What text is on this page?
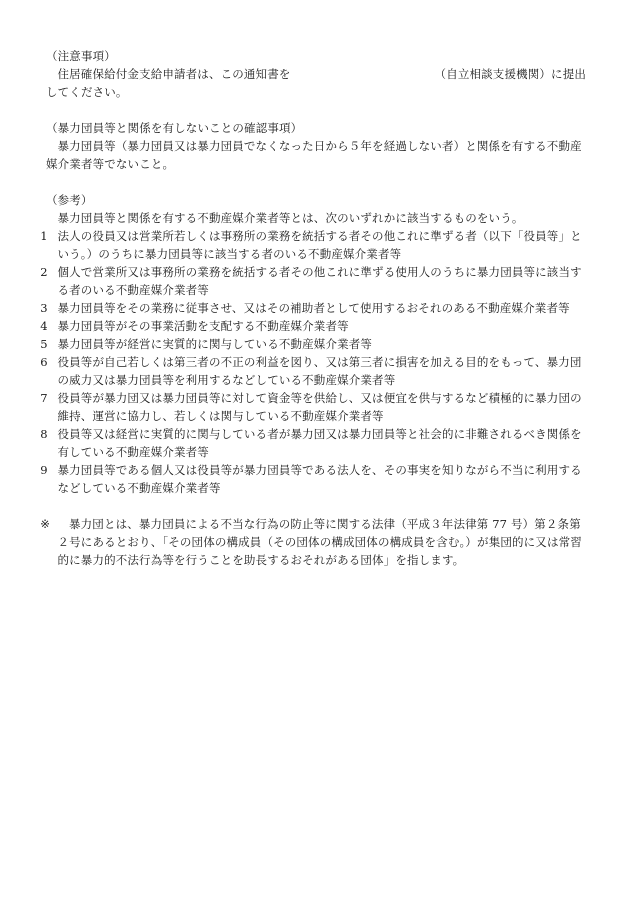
（注意事項）

住居確保給付金支給申請者は、この通知書を	（自立相談支援機関）に提出

してください。

（暴力団員等と関係を有しないことの確認事項）

暴力団員等（暴力団員又は暴力団員でなくなった日から５年を経過しない者）と関係を有する不動産媒介業者等でないこと。

（参考）

暴力団員等と関係を有する不動産媒介業者等とは、次のいずれかに該当するものをいう。

1 法人の役員又は営業所若しくは事務所の業務を統括する者その他これに準ずる者（以下「役員等」という。）のうちに暴力団員等に該当する者のいる不動産媒介業者等
2 個人で営業所又は事務所の業務を統括する者その他これに準ずる使用人のうちに暴力団員等に該当する者のいる不動産媒介業者等
3 暴力団員等をその業務に従事させ、又はその補助者として使用するおそれのある不動産媒介業者等
4 暴力団員等がその事業活動を支配する不動産媒介業者等
5 暴力団員等が経営に実質的に関与している不動産媒介業者等
6 役員等が自己若しくは第三者の不正の利益を図り、又は第三者に損害を加える目的をもって、暴力団の威力又は暴力団員等を利用するなどしている不動産媒介業者等
7 役員等が暴力団又は暴力団員等に対して資金等を供給し、又は便宜を供与するなど積極的に暴力団の維持、運営に協力し、若しくは関与している不動産媒介業者等
8 役員等又は経営に実質的に関与している者が暴力団又は暴力団員等と社会的に非難されるべき関係を有している不動産媒介業者等
9 暴力団員等である個人又は役員等が暴力団員等である法人を、その事実を知りながら不当に利用するなどしている不動産媒介業者等
※	暴力団とは、暴力団員による不当な行為の防止等に関する法律（平成３年法律第 77 号）第２条第２号にあるとおり、「その団体の構成員（その団体の構成団体の構成員を含む。）が集団的に又は常習的に暴力的不法行為等を行うことを助長するおそれがある団体」を指します。
